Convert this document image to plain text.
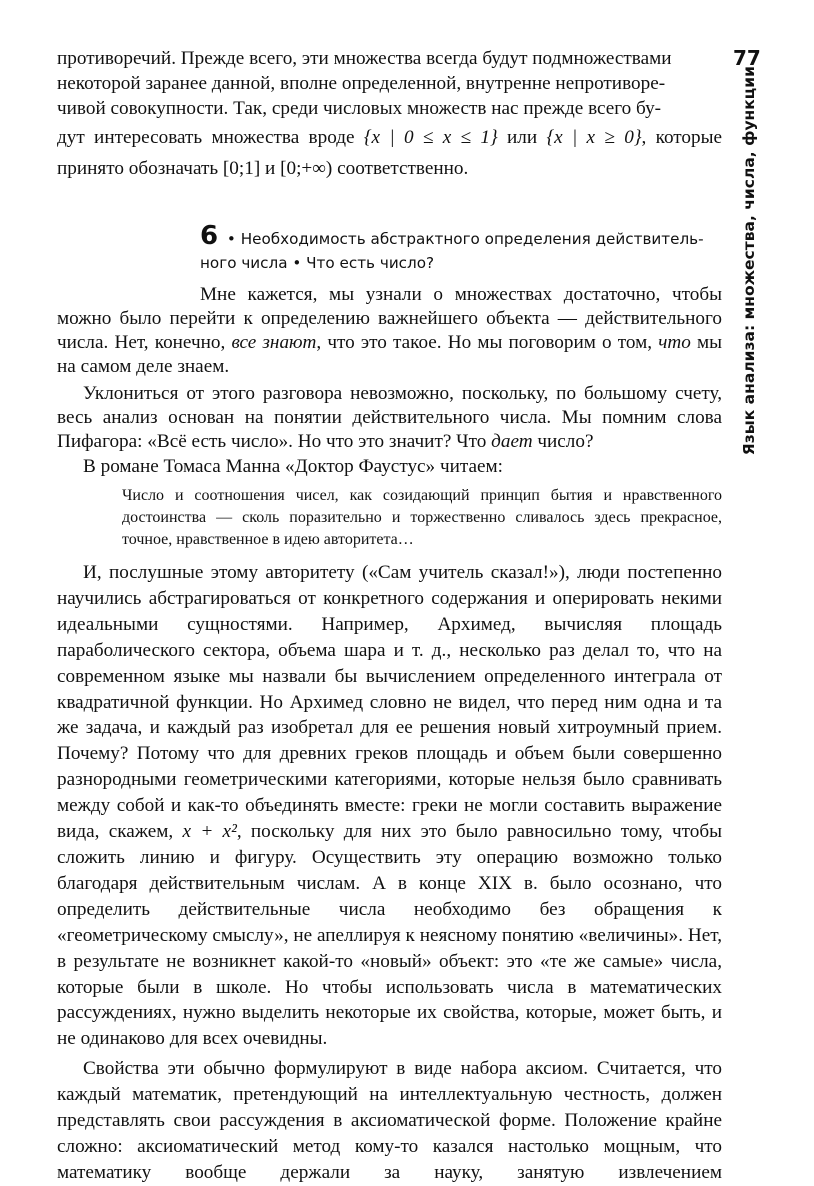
77
Язык анализа: множества, числа, функции

противоречий. Прежде всего, эти множества всегда будут подмножествами

некоторой заранее данной, вполне определенной, внутренне непротиворе-

чивой совокупности. Так, среди числовых множеств нас прежде всего бу-

дут интересовать множества вроде {x | 0 ≤ x ≤ 1} или {x | x ≥ 0}, которые

принято обозначать [0;1] и [0;+∞) соответственно.

6 • Необходимость абстрактного определения действитель- ного числа • Что есть число?

Мне кажется, мы узнали о множествах достаточно, чтобы можно было перейти к определению важнейшего объекта — действительного числа. Нет, конечно, все знают, что это такое. Но мы поговорим о том, что мы на самом деле знаем.

Уклониться от этого разговора невозможно, поскольку, по большому счету, весь анализ основан на понятии действительного числа. Мы помним слова Пифагора: «Всё есть число». Но что это значит? Что дает число?

В романе Томаса Манна «Доктор Фаустус» читаем:

Число и соотношения чисел, как созидающий принцип бытия и нравственного достоинства — сколь поразительно и торжественно сливалось здесь прекрасное, точное, нравственное в идею авторитета…

И, послушные этому авторитету («Сам учитель сказал!»), люди постепенно научились абстрагироваться от конкретного содержания и оперировать некими идеальными сущностями. Например, Архимед, вычисляя площадь параболического сектора, объема шара и т. д., несколько раз делал то, что на современном языке мы назвали бы вычислением определенного интеграла от квадратичной функции. Но Архимед словно не видел, что перед ним одна и та же задача, и каждый раз изобретал для ее решения новый хитроумный прием. Почему? Потому что для древних греков площадь и объем были совершенно разнородными геометрическими категориями, которые нельзя было сравнивать между собой и как-то объединять вместе: греки не могли составить выражение вида, скажем, x + x², поскольку для них это было равносильно тому, чтобы сложить линию и фигуру. Осуществить эту операцию возможно только благодаря действительным числам. А в конце XIX в. было осознано, что определить действительные числа необходимо без обращения к «геометрическому смыслу», не апеллируя к неясному понятию «величины». Нет, в результате не возникнет какой-то «новый» объект: это «те же самые» числа, которые были в школе. Но чтобы использовать числа в математических рассуждениях, нужно выделить некоторые их свойства, которые, может быть, и не одинаково для всех очевидны.

Свойства эти обычно формулируют в виде набора аксиом. Считается, что каждый математик, претендующий на интеллектуальную честность, должен представлять свои рассуждения в аксиоматической форме. Положение крайне сложно: аксиоматический метод кому-то казался настолько мощным, что математику вообще держали за науку, занятую извлечением
